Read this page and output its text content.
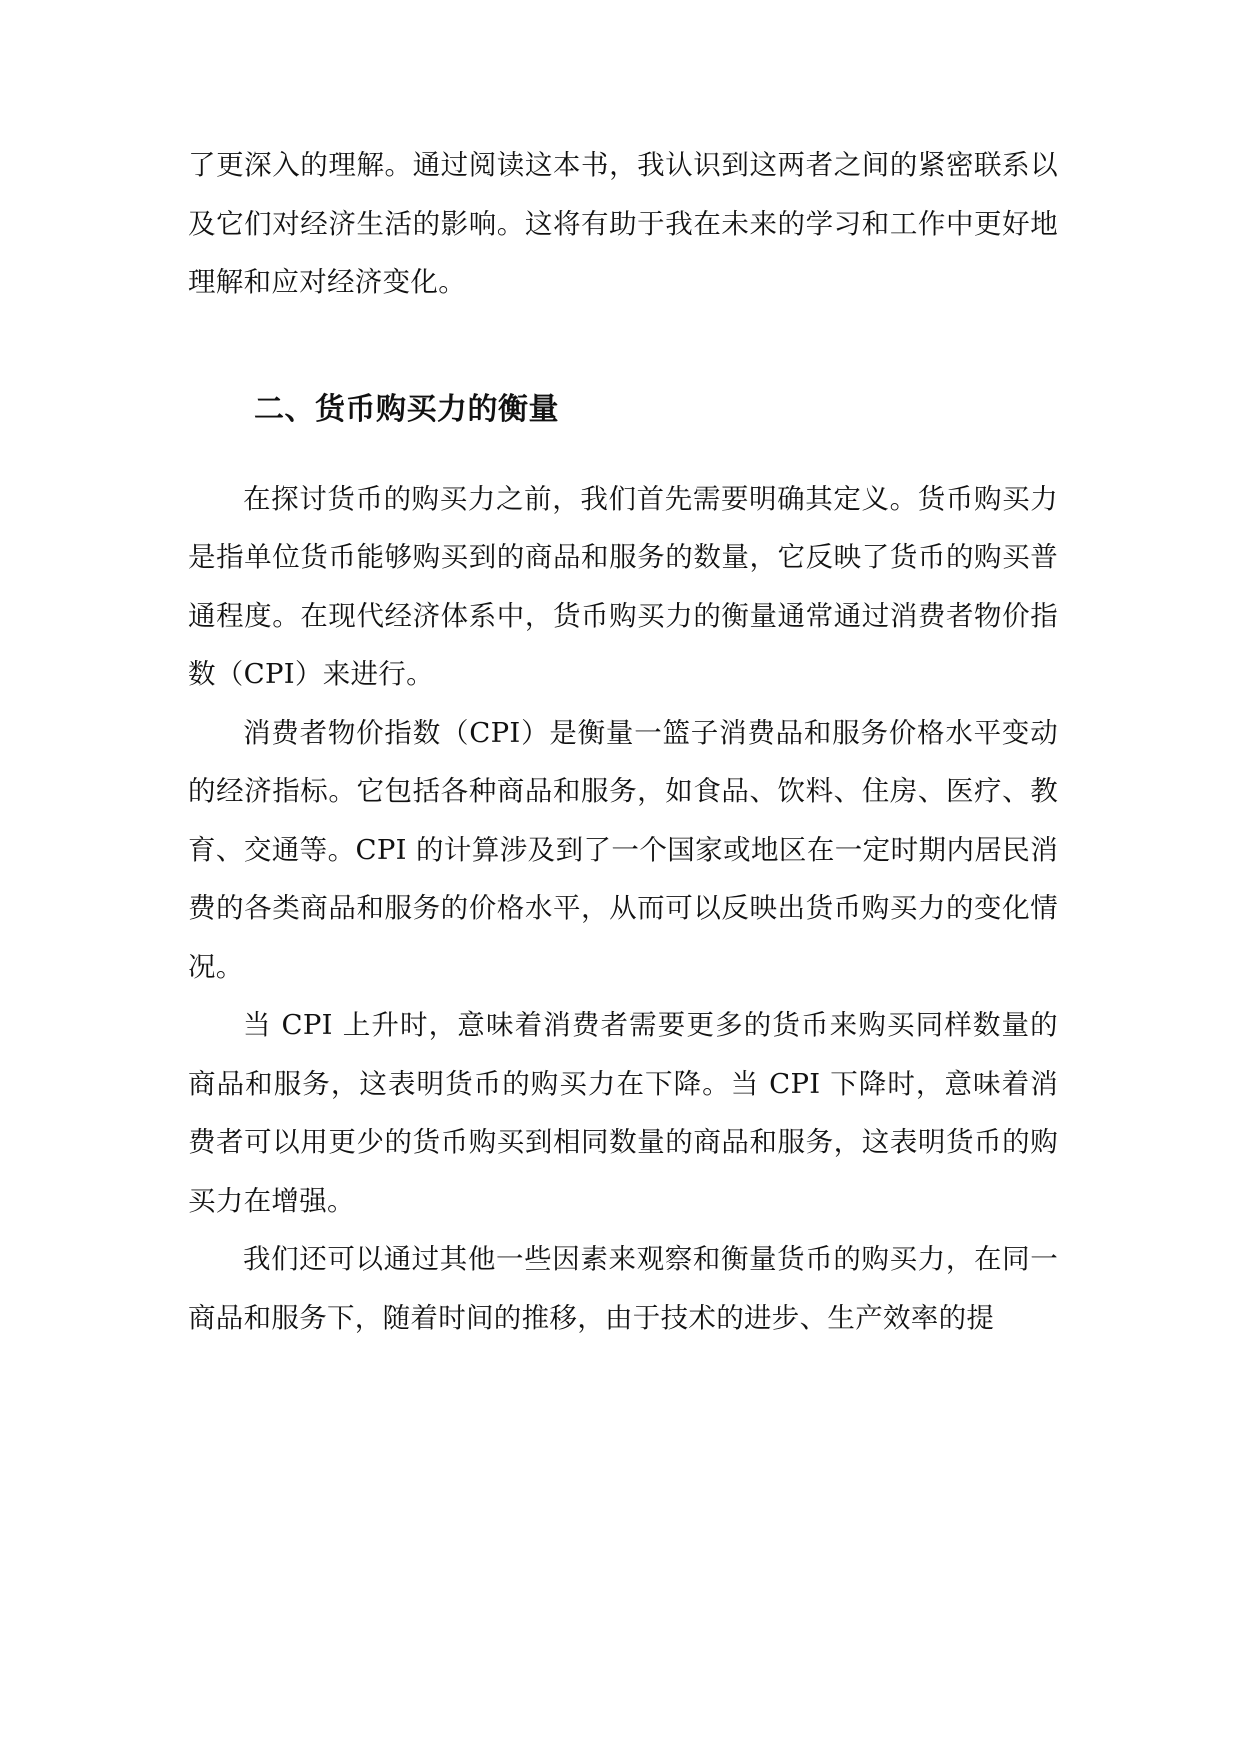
了更深入的理解。通过阅读这本书，我认识到这两者之间的紧密联系以及它们对经济生活的影响。这将有助于我在未来的学习和工作中更好地理解和应对经济变化。

二、货币购买力的衡量

在探讨货币的购买力之前，我们首先需要明确其定义。货币购买力是指单位货币能够购买到的商品和服务的数量，它反映了货币的购买普通程度。在现代经济体系中，货币购买力的衡量通常通过消费者物价指数（CPI）来进行。

消费者物价指数（CPI）是衡量一篮子消费品和服务价格水平变动的经济指标。它包括各种商品和服务，如食品、饮料、住房、医疗、教育、交通等。CPI 的计算涉及到了一个国家或地区在一定时期内居民消费的各类商品和服务的价格水平，从而可以反映出货币购买力的变化情况。

当 CPI 上升时，意味着消费者需要更多的货币来购买同样数量的商品和服务，这表明货币的购买力在下降。当 CPI 下降时，意味着消费者可以用更少的货币购买到相同数量的商品和服务，这表明货币的购买力在增强。

我们还可以通过其他一些因素来观察和衡量货币的购买力，在同一商品和服务下，随着时间的推移，由于技术的进步、生产效率的提
